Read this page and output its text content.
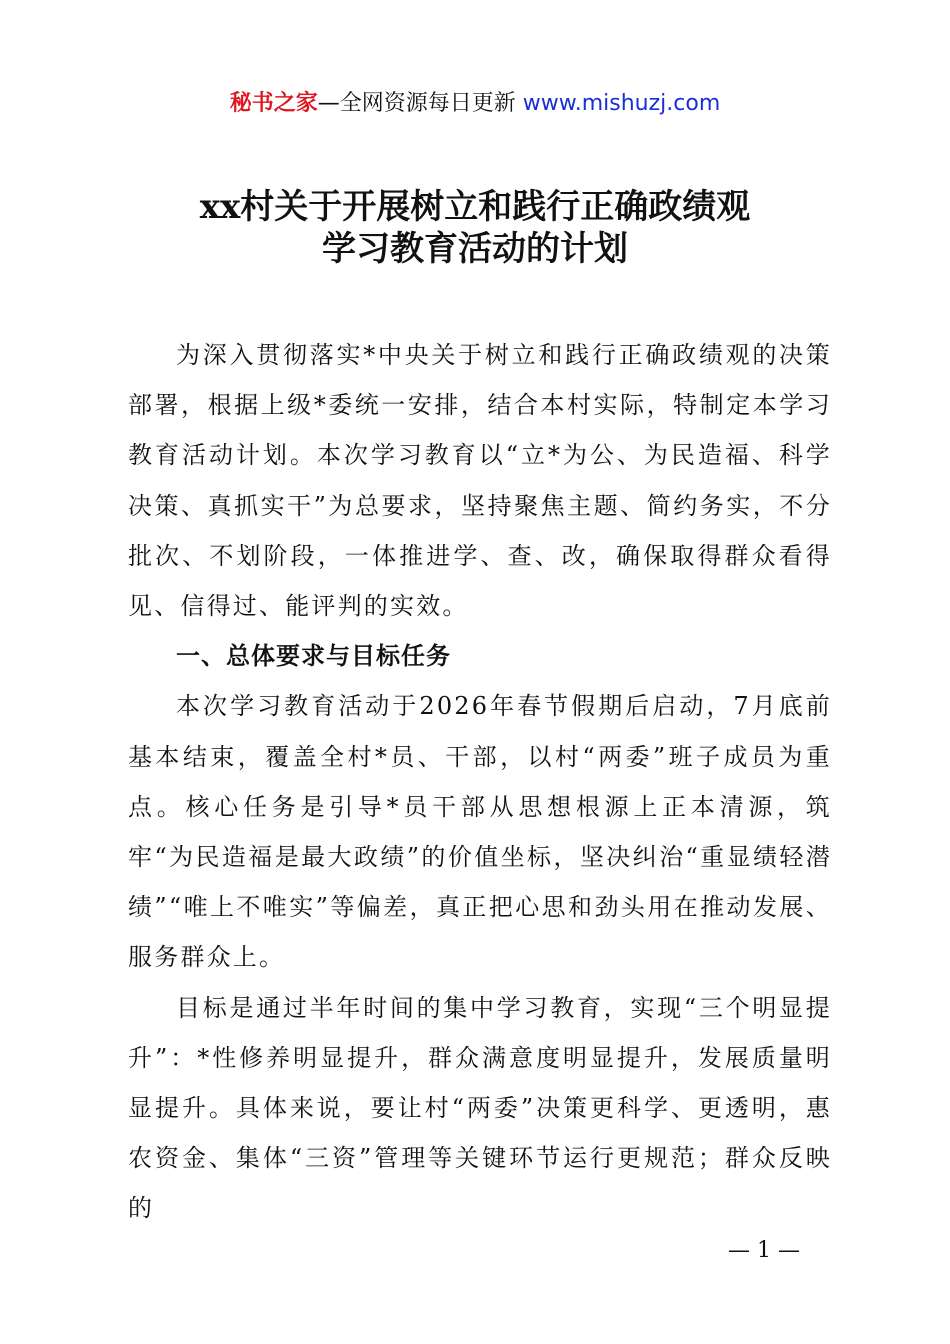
秘书之家—全网资源每日更新 www.mishuzj.com
xx村关于开展树立和践行正确政绩观
学习教育活动的计划

为深入贯彻落实*中央关于树立和践行正确政绩观的决策部署，根据上级*委统一安排，结合本村实际，特制定本学习教育活动计划。本次学习教育以“立*为公、为民造福、科学决策、真抓实干”为总要求，坚持聚焦主题、简约务实，不分批次、不划阶段，一体推进学、查、改，确保取得群众看得见、信得过、能评判的实效。

一、总体要求与目标任务

本次学习教育活动于2026年春节假期后启动，7月底前基本结束，覆盖全村*员、干部，以村“两委”班子成员为重点。核心任务是引导*员干部从思想根源上正本清源，筑牢“为民造福是最大政绩”的价值坐标，坚决纠治“重显绩轻潜绩”“唯上不唯实”等偏差，真正把心思和劲头用在推动发展、服务群众上。

目标是通过半年时间的集中学习教育，实现“三个明显提升”：*性修养明显提升，群众满意度明显提升，发展质量明显提升。具体来说，要让村“两委”决策更科学、更透明，惠农资金、集体“三资”管理等关键环节运行更规范；群众反映的

— 1 —
